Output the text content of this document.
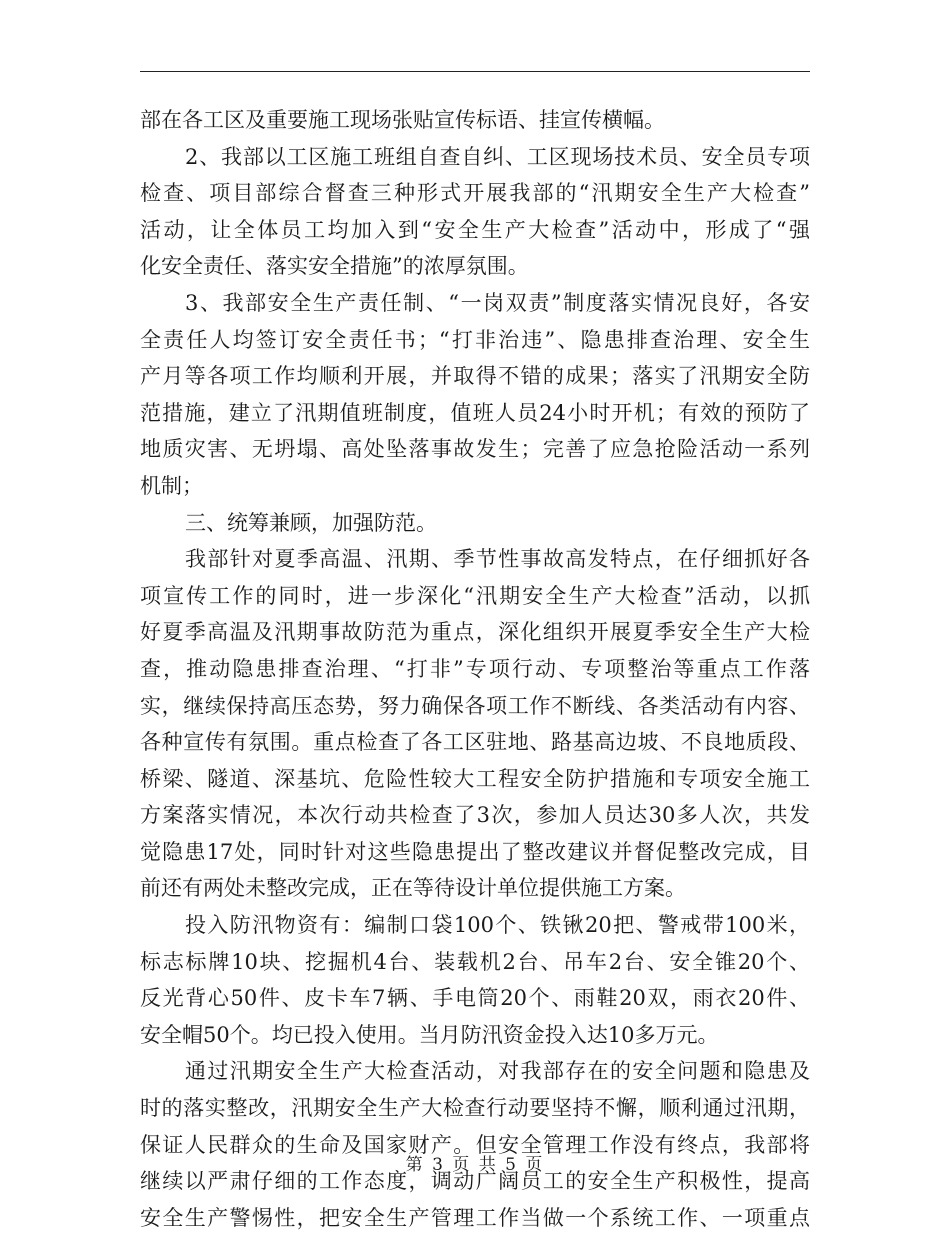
部在各工区及重要施工现场张贴宣传标语、挂宣传横幅。
2、我部以工区施工班组自查自纠、工区现场技术员、安全员专项
检查、项目部综合督查三种形式开展我部的“汛期安全生产大检查”
活动，让全体员工均加入到“安全生产大检查”活动中，形成了“强
化安全责任、落实安全措施”的浓厚氛围。
3、我部安全生产责任制、“一岗双责”制度落实情况良好，各安
全责任人均签订安全责任书；“打非治违”、隐患排查治理、安全生
产月等各项工作均顺利开展，并取得不错的成果；落实了汛期安全防
范措施，建立了汛期值班制度，值班人员24小时开机；有效的预防了
地质灾害、无坍塌、高处坠落事故发生；完善了应急抢险活动一系列
机制；
三、统筹兼顾，加强防范。
我部针对夏季高温、汛期、季节性事故高发特点，在仔细抓好各
项宣传工作的同时，进一步深化“汛期安全生产大检查”活动，以抓
好夏季高温及汛期事故防范为重点，深化组织开展夏季安全生产大检
查，推动隐患排查治理、“打非”专项行动、专项整治等重点工作落
实，继续保持高压态势，努力确保各项工作不断线、各类活动有内容、
各种宣传有氛围。重点检查了各工区驻地、路基高边坡、不良地质段、
桥梁、隧道、深基坑、危险性较大工程安全防护措施和专项安全施工
方案落实情况，本次行动共检查了3次，参加人员达30多人次，共发
觉隐患17处，同时针对这些隐患提出了整改建议并督促整改完成，目
前还有两处未整改完成，正在等待设计单位提供施工方案。
投入防汛物资有：编制口袋100个、铁锹20把、警戒带100米，
标志标牌10块、挖掘机4台、装载机2台、吊车2台、安全锥20个、
反光背心50件、皮卡车7辆、手电筒20个、雨鞋20双，雨衣20件、
安全帽50个。均已投入使用。当月防汛资金投入达10多万元。
通过汛期安全生产大检查活动，对我部存在的安全问题和隐患及
时的落实整改，汛期安全生产大检查行动要坚持不懈，顺利通过汛期，
保证人民群众的生命及国家财产。但安全管理工作没有终点，我部将
继续以严肃仔细的工作态度，调动广阔员工的安全生产积极性，提高
安全生产警惕性，把安全生产管理工作当做一个系统工作、一项重点
第 3 页 共 5 页
